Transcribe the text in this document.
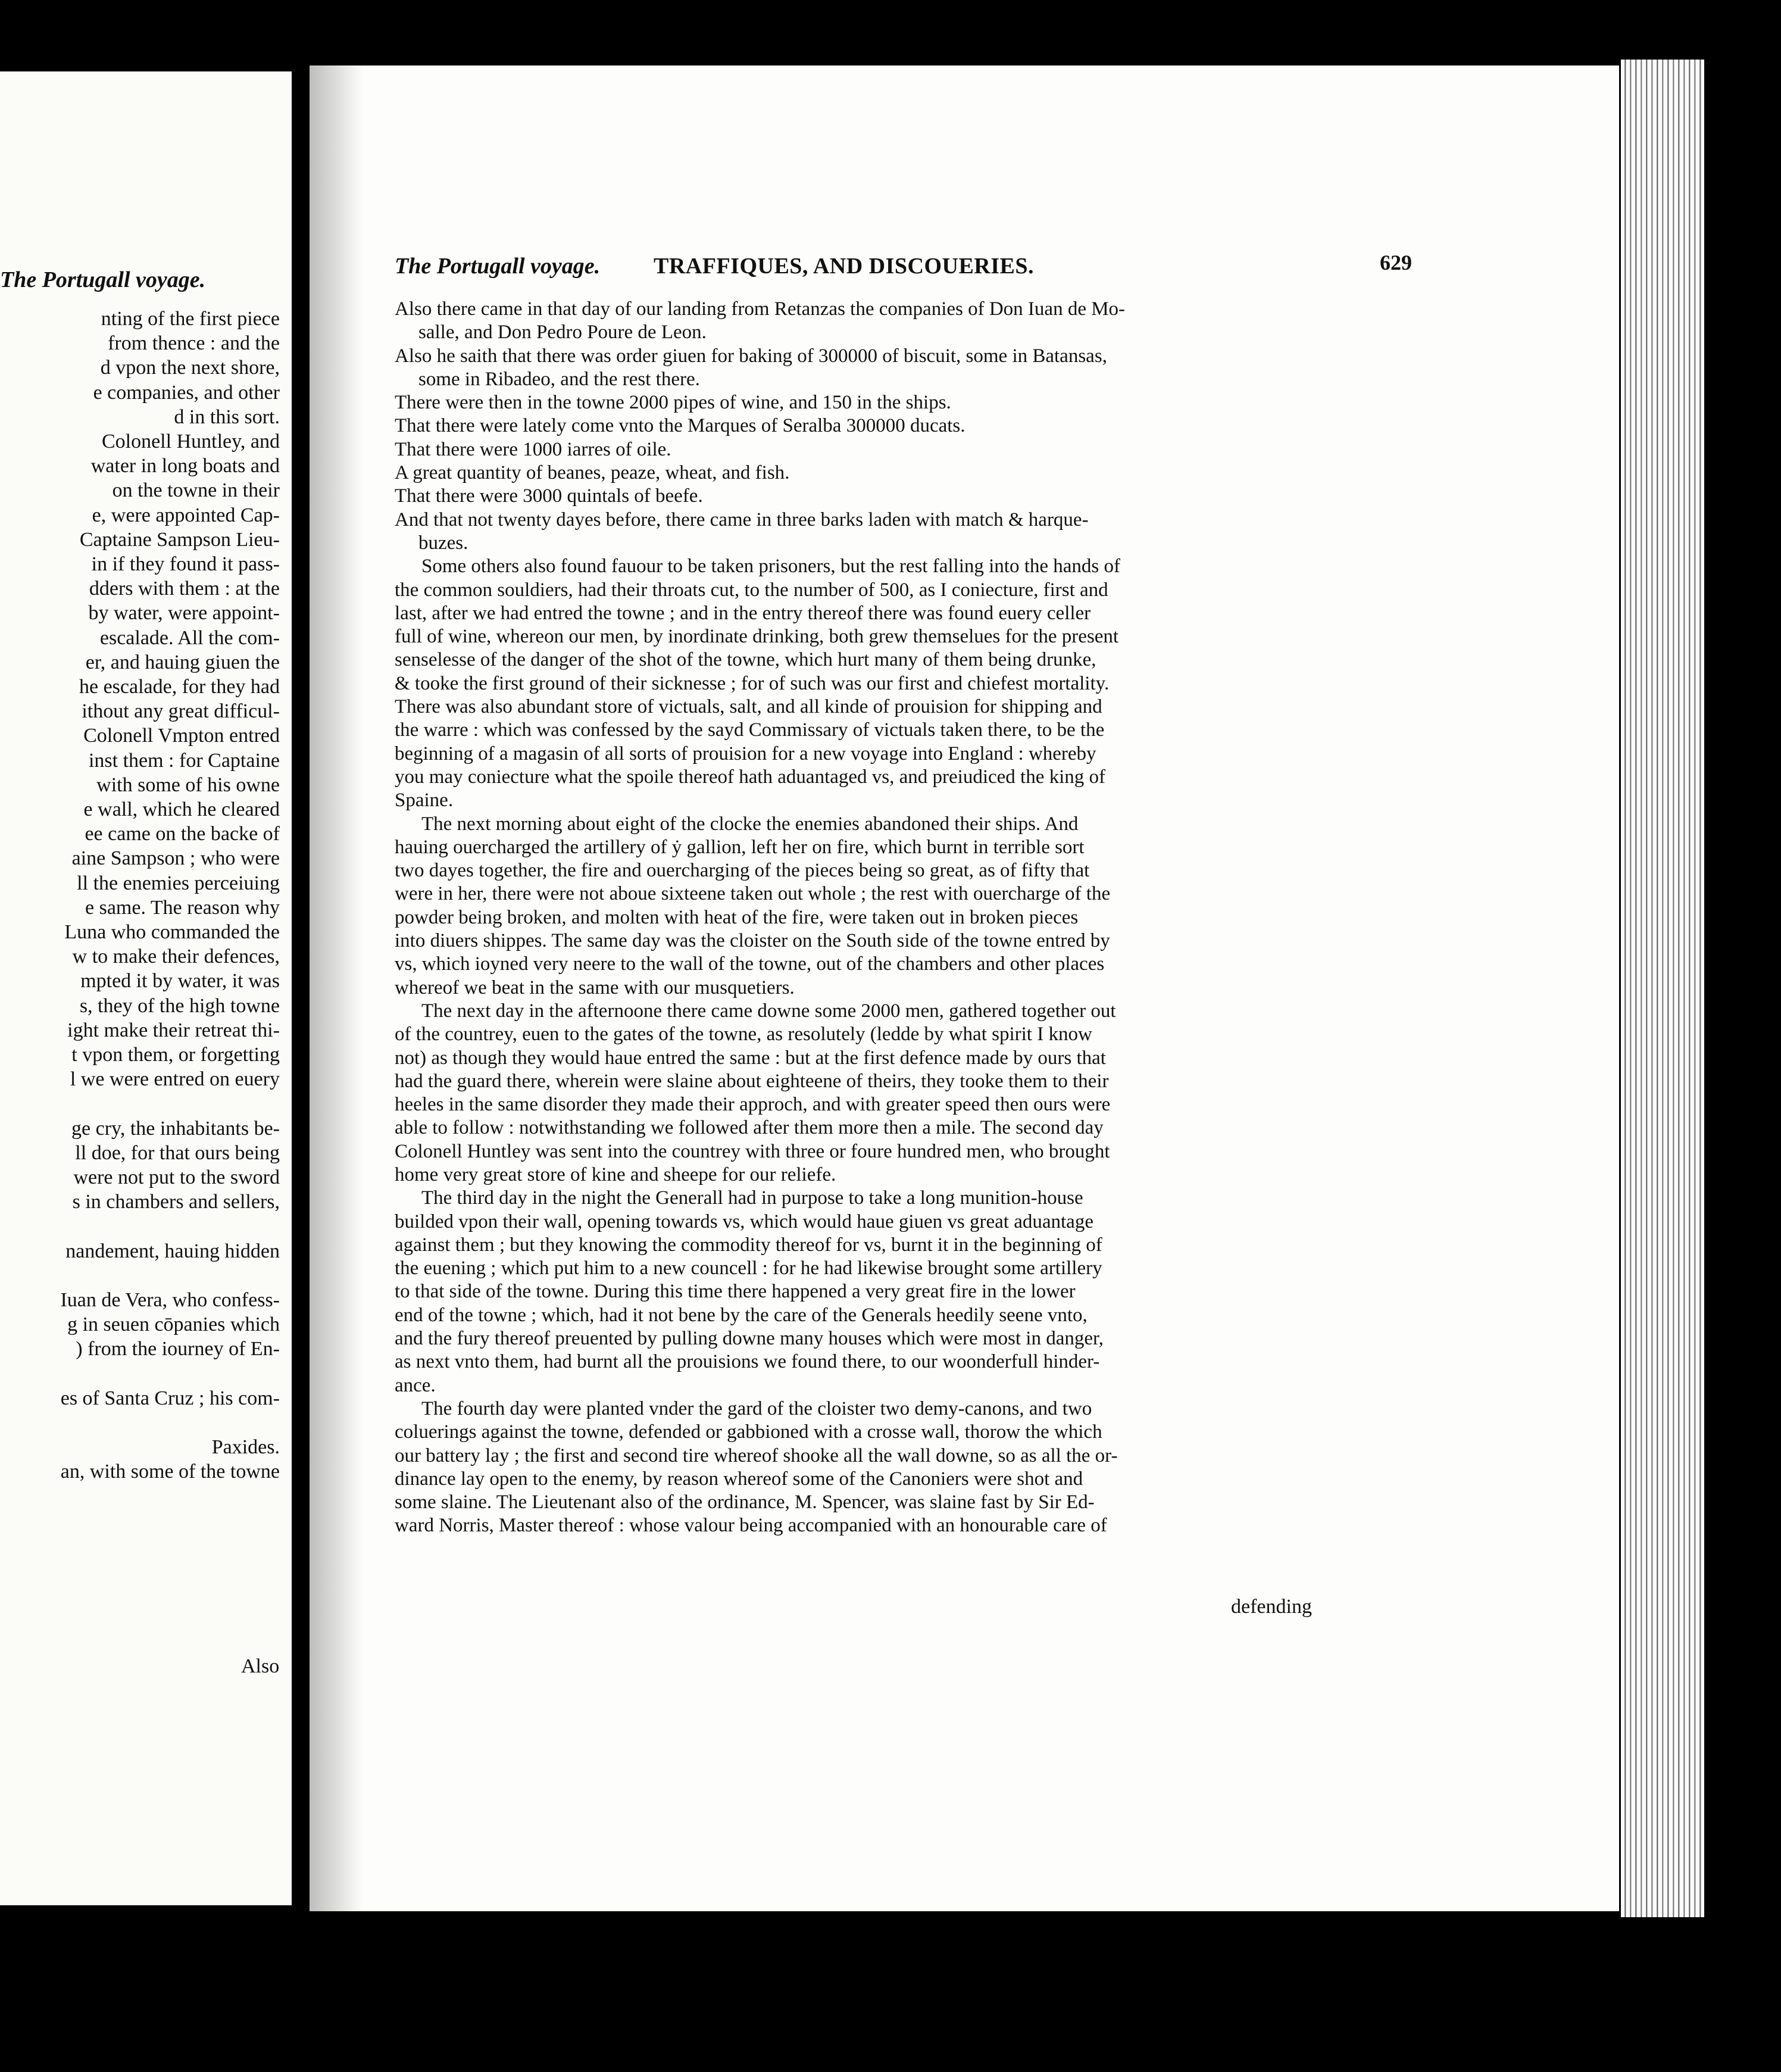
The Portugall voyage.
nting of the first piece
from thence : and the
d vpon the next shore,
e companies, and other
d in this sort.
Colonell Huntley, and
water in long boats and
on the towne in their
e, were appointed Cap-
Captaine Sampson Lieu-
in if they found it pass-
dders with them : at the
by water, were appoint-
escalade. All the com-
er, and hauing giuen the
he escalade, for they had
ithout any great difficul-
Colonell Vmpton entred
inst them : for Captaine
with some of his owne
e wall, which he cleared
ee came on the backe of
aine Sampson ; who were
ll the enemies perceiuing
e same. The reason why
Luna who commanded the
w to make their defences,
mpted it by water, it was
s, they of the high towne
ight make their retreat thi-
t vpon them, or forgetting
l we were entred on euery
ge cry, the inhabitants be-
ll doe, for that ours being
were not put to the sword
s in chambers and sellers,
nandement, hauing hidden
Iuan de Vera, who confess-
g in seuen cōpanies which
) from the iourney of En-
es of Santa Cruz ; his com-
Paxides.
an, with some of the towne
Also
The Portugall voyage. TRAFFIQUES, AND DISCOUERIES.	629
Also there came in that day of our landing from Retanzas the companies of Don Iuan de Mo-
salle, and Don Pedro Poure de Leon.
Also he saith that there was order giuen for baking of 300000 of biscuit, some in Batansas,
some in Ribadeo, and the rest there.
There were then in the towne 2000 pipes of wine, and 150 in the ships.
That there were lately come vnto the Marques of Seralba 300000 ducats.
That there were 1000 iarres of oile.
A great quantity of beanes, peaze, wheat, and fish.
That there were 3000 quintals of beefe.
And that not twenty dayes before, there came in three barks laden with match & harque-
buzes.
Some others also found fauour to be taken prisoners, but the rest falling into the hands of
the common souldiers, had their throats cut, to the number of 500, as I coniecture, first and
last, after we had entred the towne ; and in the entry thereof there was found euery celler
full of wine, whereon our men, by inordinate drinking, both grew themselues for the present
senselesse of the danger of the shot of the towne, which hurt many of them being drunke,
& tooke the first ground of their sicknesse ; for of such was our first and chiefest mortality.
There was also abundant store of victuals, salt, and all kinde of prouision for shipping and
the warre : which was confessed by the sayd Commissary of victuals taken there, to be the
beginning of a magasin of all sorts of prouision for a new voyage into England : whereby
you may coniecture what the spoile thereof hath aduantaged vs, and preiudiced the king of
Spaine.
The next morning about eight of the clocke the enemies abandoned their ships. And
hauing ouercharged the artillery of ẏ gallion, left her on fire, which burnt in terrible sort
two dayes together, the fire and ouercharging of the pieces being so great, as of fifty that
were in her, there were not aboue sixteene taken out whole ; the rest with ouercharge of the
powder being broken, and molten with heat of the fire, were taken out in broken pieces
into diuers shippes. The same day was the cloister on the South side of the towne entred by
vs, which ioyned very neere to the wall of the towne, out of the chambers and other places
whereof we beat in the same with our musquetiers.
The next day in the afternoone there came downe some 2000 men, gathered together out
of the countrey, euen to the gates of the towne, as resolutely (ledde by what spirit I know
not) as though they would haue entred the same : but at the first defence made by ours that
had the guard there, wherein were slaine about eighteene of theirs, they tooke them to their
heeles in the same disorder they made their approch, and with greater speed then ours were
able to follow : notwithstanding we followed after them more then a mile. The second day
Colonell Huntley was sent into the countrey with three or foure hundred men, who brought
home very great store of kine and sheepe for our reliefe.
The third day in the night the Generall had in purpose to take a long munition-house
builded vpon their wall, opening towards vs, which would haue giuen vs great aduantage
against them ; but they knowing the commodity thereof for vs, burnt it in the beginning of
the euening ; which put him to a new councell : for he had likewise brought some artillery
to that side of the towne. During this time there happened a very great fire in the lower
end of the towne ; which, had it not bene by the care of the Generals heedily seene vnto,
and the fury thereof preuented by pulling downe many houses which were most in danger,
as next vnto them, had burnt all the prouisions we found there, to our woonderfull hinder-
ance.
The fourth day were planted vnder the gard of the cloister two demy-canons, and two
coluerings against the towne, defended or gabbioned with a crosse wall, thorow the which
our battery lay ; the first and second tire whereof shooke all the wall downe, so as all the or-
dinance lay open to the enemy, by reason whereof some of the Canoniers were shot and
some slaine. The Lieutenant also of the ordinance, M. Spencer, was slaine fast by Sir Ed-
ward Norris, Master thereof : whose valour being accompanied with an honourable care of
defending
